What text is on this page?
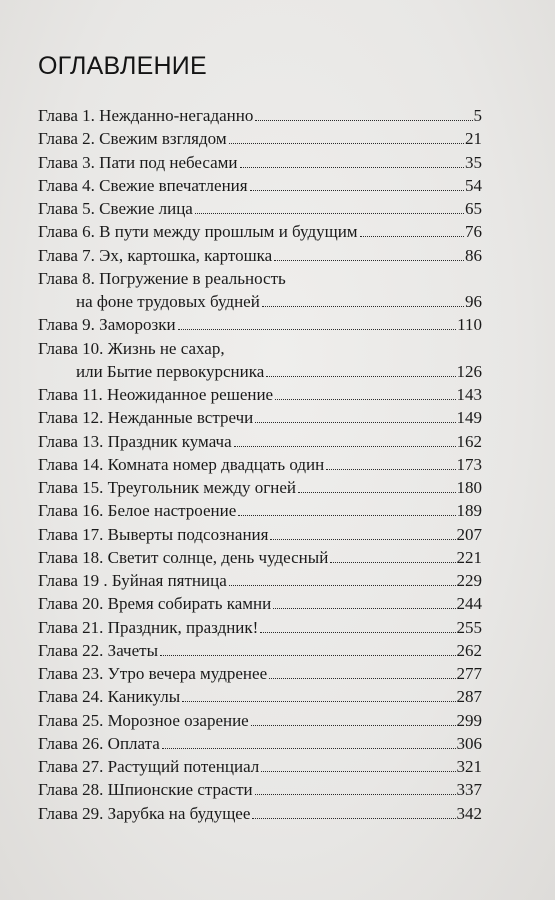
ОГЛАВЛЕНИЕ
Глава 1. Нежданно-негаданно	5
Глава 2. Свежим взглядом	21
Глава 3. Пати под небесами	35
Глава 4. Свежие впечатления	54
Глава 5. Свежие лица	65
Глава 6. В пути между прошлым и будущим	76
Глава 7. Эх, картошка, картошка	86
Глава 8. Погружение в реальность
на фоне трудовых будней	96
Глава 9. Заморозки	110
Глава 10. Жизнь не сахар,
или Бытие первокурсника	126
Глава 11. Неожиданное решение	143
Глава 12. Нежданные встречи	149
Глава 13. Праздник кумача	162
Глава 14. Комната номер двадцать один	173
Глава 15. Треугольник между огней	180
Глава 16. Белое настроение	189
Глава 17. Выверты подсознания	207
Глава 18. Светит солнце, день чудесный	221
Глава 19 . Буйная пятница	229
Глава 20. Время собирать камни	244
Глава 21. Праздник, праздник!	255
Глава 22. Зачеты	262
Глава 23. Утро вечера мудренее	277
Глава 24. Каникулы	287
Глава 25. Морозное озарение	299
Глава 26. Оплата	306
Глава 27. Растущий потенциал	321
Глава 28. Шпионские страсти	337
Глава 29. Зарубка на будущее	342
